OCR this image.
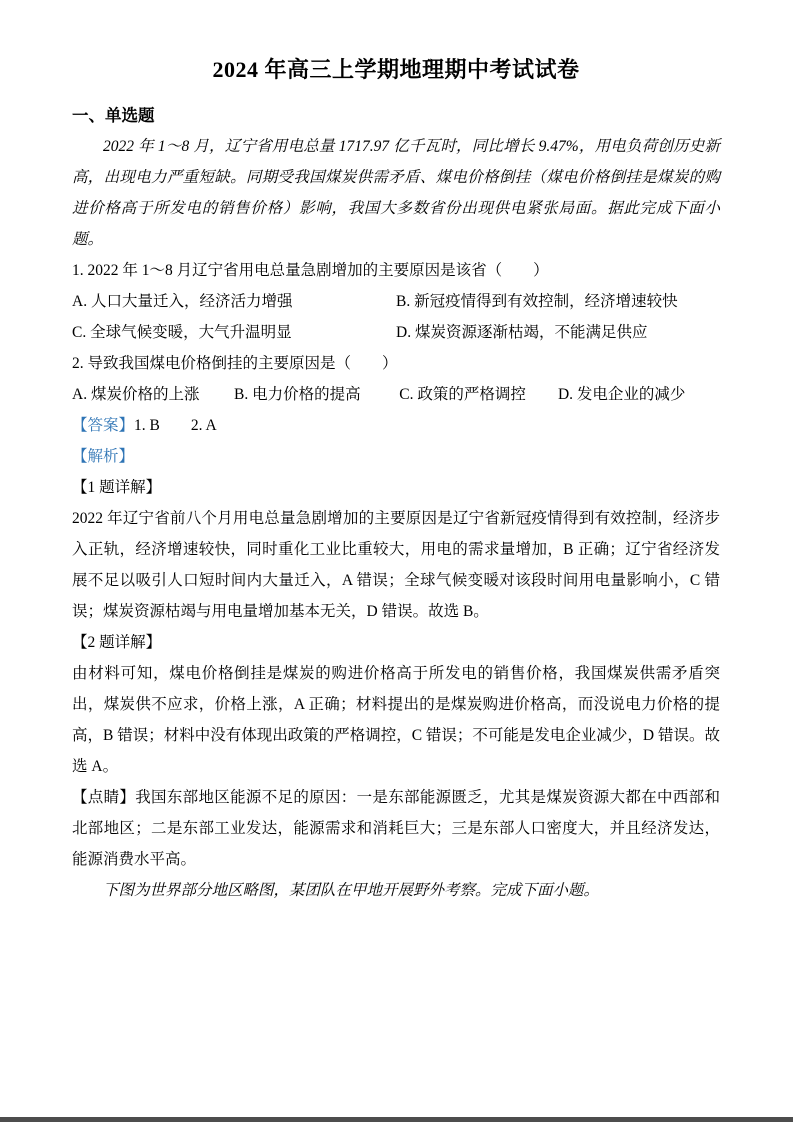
2024 年高三上学期地理期中考试试卷
一、单选题

2022 年 1～8 月，辽宁省用电总量 1717.97 亿千瓦时，同比增长 9.47%，用电负荷创历史新高，出现电力严重短缺。同期受我国煤炭供需矛盾、煤电价格倒挂（煤电价格倒挂是煤炭的购进价格高于所发电的销售价格）影响，我国大多数省份出现供电紧张局面。据此完成下面小题。

1. 2022 年 1～8 月辽宁省用电总量急剧增加的主要原因是该省（　　）

A. 人口大量迁入，经济活力增强	B. 新冠疫情得到有效控制，经济增速较快
C. 全球气候变暖，大气升温明显	D. 煤炭资源逐渐枯竭，不能满足供应

2. 导致我国煤电价格倒挂的主要原因是（　　）

A. 煤炭价格的上涨	B. 电力价格的提高	C. 政策的严格调控	D. 发电企业的减少

【答案】1. B　　2. A

【解析】

【1 题详解】

2022 年辽宁省前八个月用电总量急剧增加的主要原因是辽宁省新冠疫情得到有效控制，经济步入正轨，经济增速较快，同时重化工业比重较大，用电的需求量增加，B 正确；辽宁省经济发展不足以吸引人口短时间内大量迁入，A 错误；全球气候变暖对该段时间用电量影响小，C 错误；煤炭资源枯竭与用电量增加基本无关，D 错误。故选 B。

【2 题详解】

由材料可知，煤电价格倒挂是煤炭的购进价格高于所发电的销售价格，我国煤炭供需矛盾突出，煤炭供不应求，价格上涨，A 正确；材料提出的是煤炭购进价格高，而没说电力价格的提高，B 错误；材料中没有体现出政策的严格调控，C 错误；不可能是发电企业减少，D 错误。故选 A。

【点睛】我国东部地区能源不足的原因：一是东部能源匮乏，尤其是煤炭资源大都在中西部和北部地区；二是东部工业发达，能源需求和消耗巨大；三是东部人口密度大，并且经济发达，能源消费水平高。

下图为世界部分地区略图，某团队在甲地开展野外考察。完成下面小题。
